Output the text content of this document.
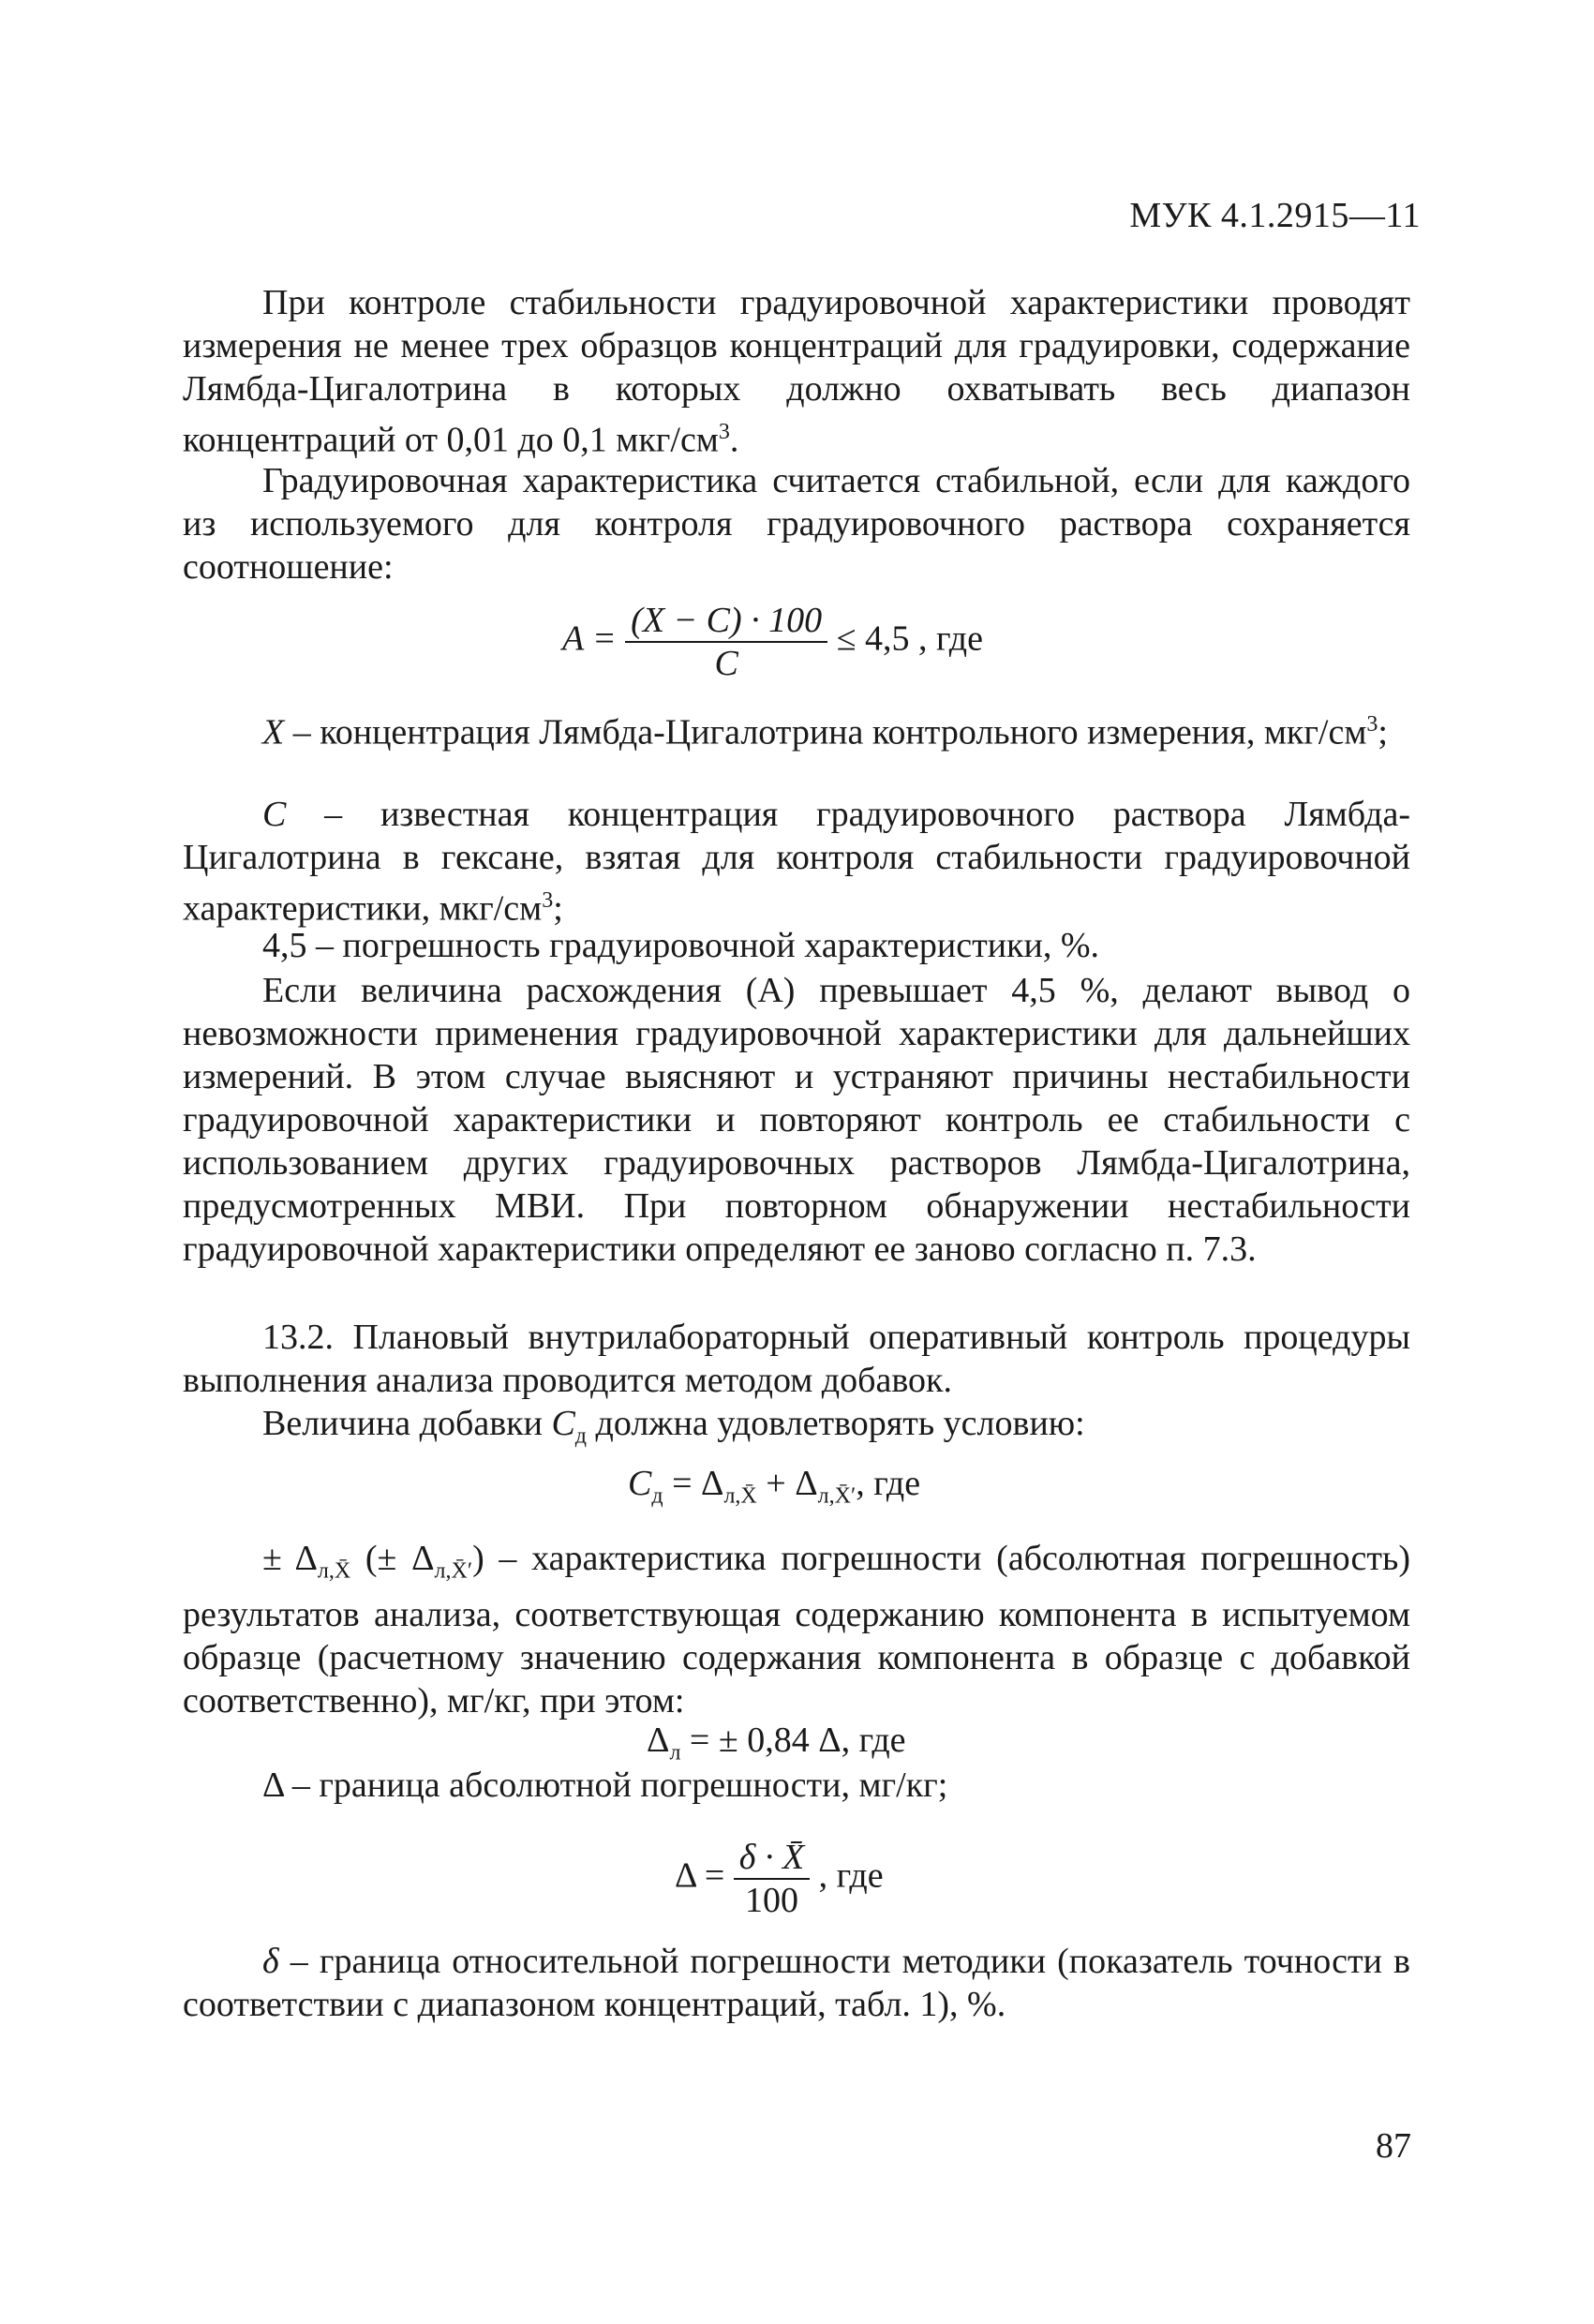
МУК 4.1.2915—11
При контроле стабильности градуировочной характеристики проводят измерения не менее трех образцов концентраций для градуировки, содержание Лямбда-Цигалотрина в которых должно охватывать весь диапазон концентраций от 0,01 до 0,1 мкг/$см^3$.
Градуировочная характеристика считается стабильной, если для каждого из используемого для контроля градуировочного раствора сохраняется соотношение:
$A = \frac{(X - C) \cdot 100}{C} \le 4,5$ , где
X – концентрация Лямбда-Цигалотрина контрольного измерения, мкг/$см^3$;
C – известная концентрация градуировочного раствора Лямбда-Цигалотрина в гексане, взятая для контроля стабильности градуировочной характеристики, мкг/$см^3$;
4,5 – погрешность градуировочной характеристики, %.
Если величина расхождения (A) превышает 4,5 %, делают вывод о невозможности применения градуировочной характеристики для дальнейших измерений. В этом случае выясняют и устраняют причины нестабильности градуировочной характеристики и повторяют контроль ее стабильности с использованием других градуировочных растворов Лямбда-Цигалотрина, предусмотренных МВИ. При повторном обнаружении нестабильности градуировочной характеристики определяют ее заново согласно п. 7.3.
13.2. Плановый внутрилабораторный оперативный контроль процедуры выполнения анализа проводится методом добавок.
Величина добавки $C_д$ должна удовлетворять условию:
$C_д = \Delta_{л,X̄} + \Delta_{л,X̄'}$, где
± $\Delta_{л,X̄}$ (± $\Delta_{л,X̄'}$) – характеристика погрешности (абсолютная погрешность) результатов анализа, соответствующая содержанию компонента в испытуемом образце (расчетному значению содержания компонента в образце с добавкой соответственно), мг/кг, при этом:
$\Delta_л$ = ± 0,84 Δ, где
Δ – граница абсолютной погрешности, мг/кг;
$\Delta = \frac{\delta \cdot X̄}{100}$ , где
δ – граница относительной погрешности методики (показатель точности в соответствии с диапазоном концентраций, табл. 1), %.
87
